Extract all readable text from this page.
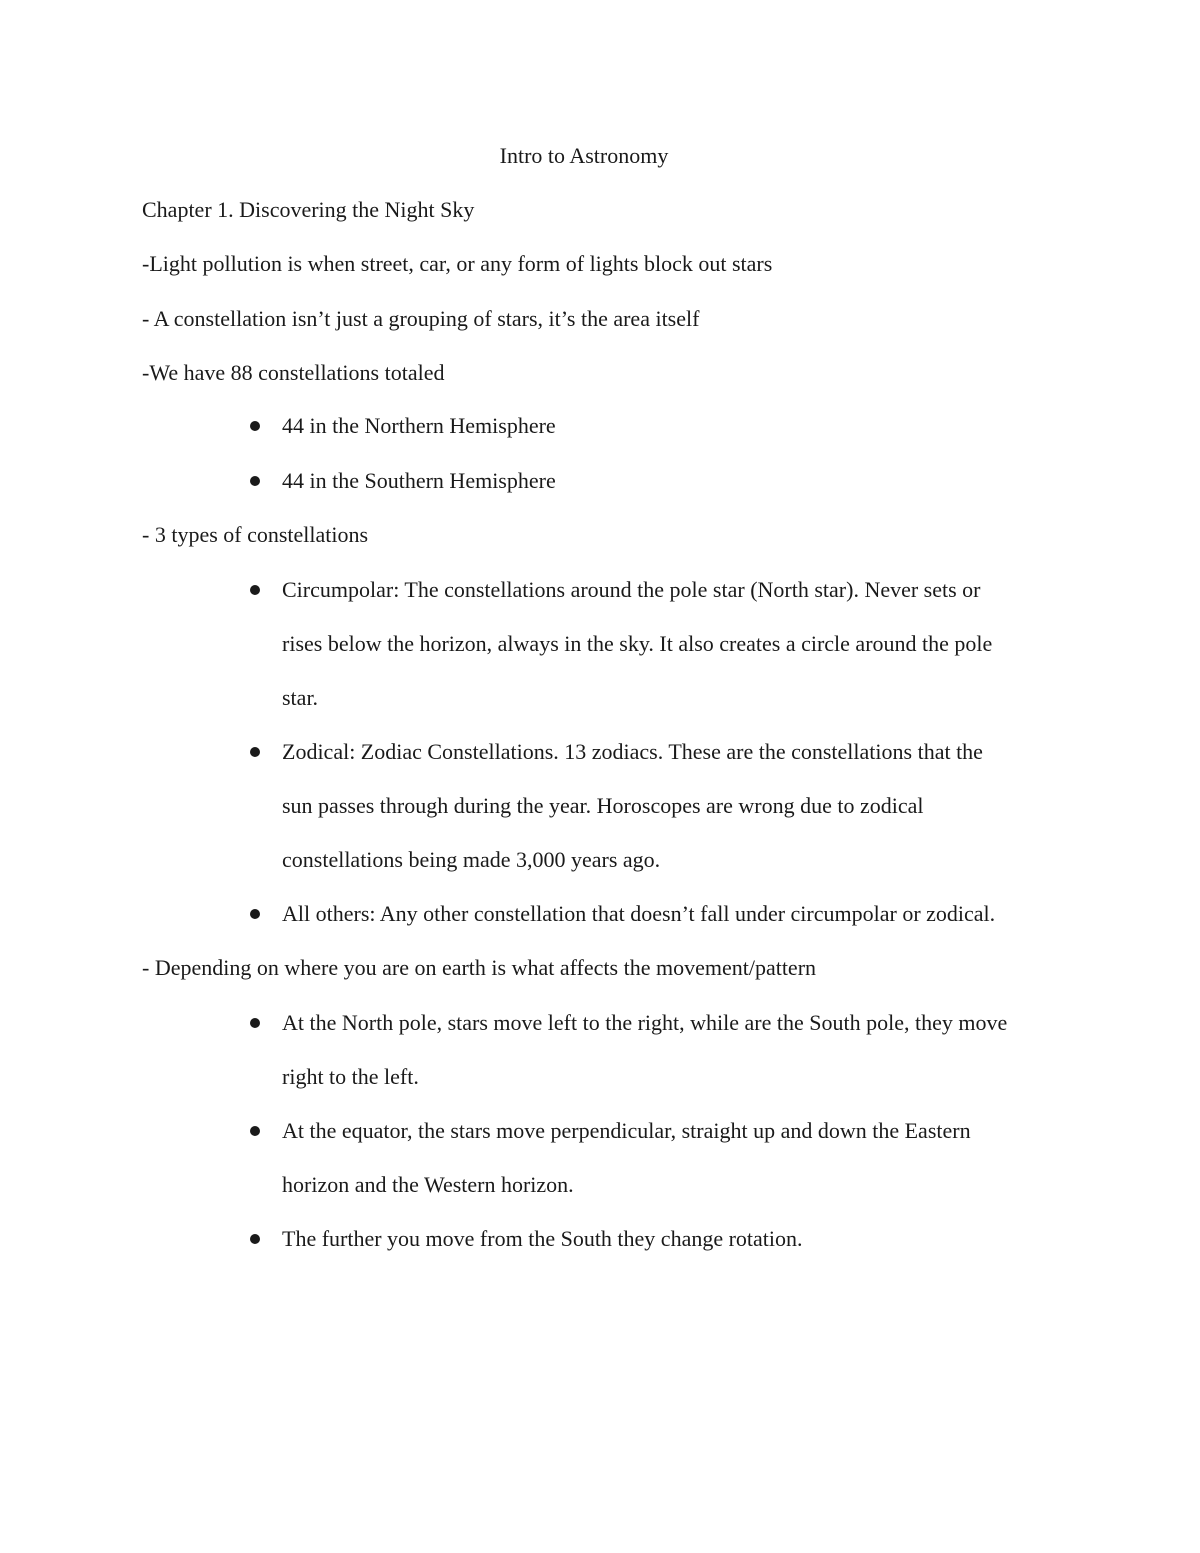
Intro to Astronomy
Chapter 1. Discovering the Night Sky
-Light pollution is when street, car, or any form of lights block out stars
- A constellation isn’t just a grouping of stars, it’s the area itself
-We have 88 constellations totaled
44 in the Northern Hemisphere
44 in the Southern Hemisphere
- 3 types of constellations
Circumpolar: The constellations around the pole star (North star). Never sets or
rises below the horizon, always in the sky. It also creates a circle around the pole
star.
Zodical: Zodiac Constellations. 13 zodiacs. These are the constellations that the
sun passes through during the year. Horoscopes are wrong due to zodical
constellations being made 3,000 years ago.
All others: Any other constellation that doesn’t fall under circumpolar or zodical.
- Depending on where you are on earth is what affects the movement/pattern
At the North pole, stars move left to the right, while are the South pole, they move
right to the left.
At the equator, the stars move perpendicular, straight up and down the Eastern
horizon and the Western horizon.
The further you move from the South they change rotation.
